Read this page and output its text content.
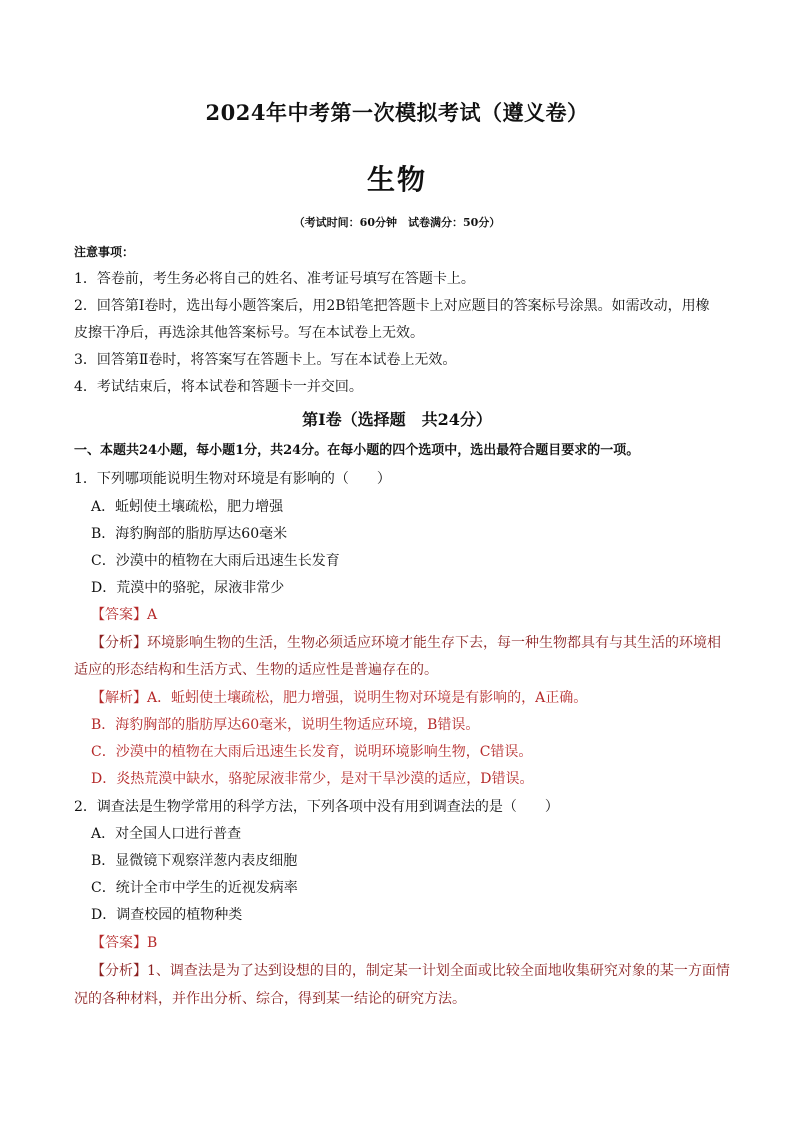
2024年中考第一次模拟考试（遵义卷）
生物
（考试时间：60分钟　试卷满分：50分）
注意事项：
1．答卷前，考生务必将自己的姓名、准考证号填写在答题卡上。
2．回答第Ⅰ卷时，选出每小题答案后，用2B铅笔把答题卡上对应题目的答案标号涂黑。如需改动，用橡
皮擦干净后，再选涂其他答案标号。写在本试卷上无效。
3．回答第Ⅱ卷时，将答案写在答题卡上。写在本试卷上无效。
4．考试结束后，将本试卷和答题卡一并交回。
第Ⅰ卷（选择题　共24分）
一、本题共24小题，每小题1分，共24分。在每小题的四个选项中，选出最符合题目要求的一项。
1．下列哪项能说明生物对环境是有影响的（　　）
A．蚯蚓使土壤疏松，肥力增强
B．海豹胸部的脂肪厚达60毫米
C．沙漠中的植物在大雨后迅速生长发育
D．荒漠中的骆驼，尿液非常少
【答案】A
【分析】环境影响生物的生活，生物必须适应环境才能生存下去，每一种生物都具有与其生活的环境相
适应的形态结构和生活方式、生物的适应性是普遍存在的。
【解析】A．蚯蚓使土壤疏松，肥力增强，说明生物对环境是有影响的，A正确。
B．海豹胸部的脂肪厚达60毫米，说明生物适应环境，B错误。
C．沙漠中的植物在大雨后迅速生长发育，说明环境影响生物，C错误。
D．炎热荒漠中缺水，骆驼尿液非常少，是对干旱沙漠的适应，D错误。
2．调查法是生物学常用的科学方法，下列各项中没有用到调查法的是（　　）
A．对全国人口进行普查
B．显微镜下观察洋葱内表皮细胞
C．统计全市中学生的近视发病率
D．调查校园的植物种类
【答案】B
【分析】1、调查法是为了达到设想的目的，制定某一计划全面或比较全面地收集研究对象的某一方面情
况的各种材料，并作出分析、综合，得到某一结论的研究方法。
